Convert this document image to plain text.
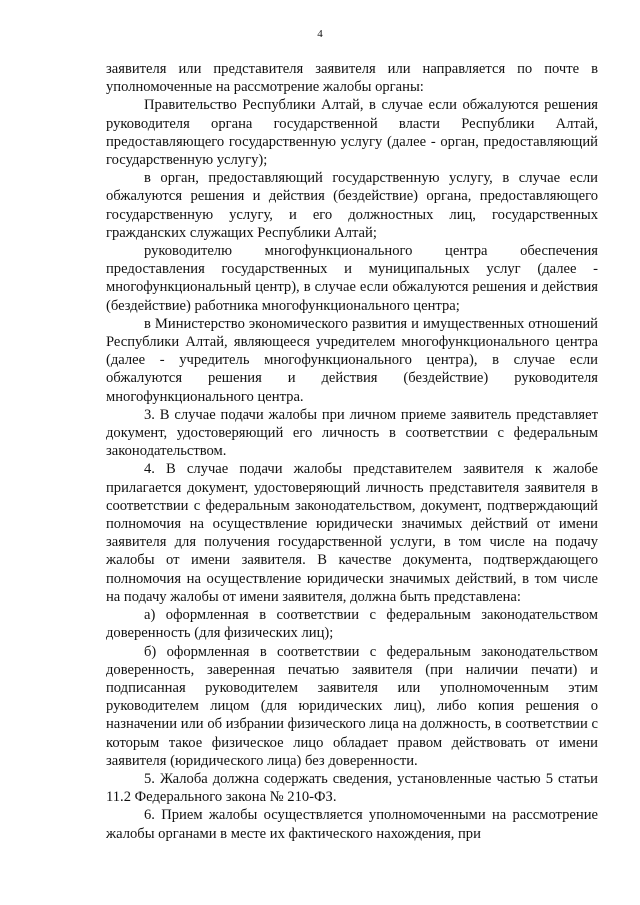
4

заявителя или представителя заявителя или направляется по почте в уполномоченные на рассмотрение жалобы органы:

Правительство Республики Алтай, в случае если обжалуются решения руководителя органа государственной власти Республики Алтай, предоставляющего государственную услугу (далее - орган, предоставляющий государственную услугу);

в орган, предоставляющий государственную услугу, в случае если обжалуются решения и действия (бездействие) органа, предоставляющего государственную услугу, и его должностных лиц, государственных гражданских служащих Республики Алтай;

руководителю многофункционального центра обеспечения предоставления государственных и муниципальных услуг (далее - многофункциональный центр), в случае если обжалуются решения и действия (бездействие) работника многофункционального центра;

в Министерство экономического развития и имущественных отношений Республики Алтай, являющееся учредителем многофункционального центра (далее - учредитель многофункционального центра), в случае если обжалуются решения и действия (бездействие) руководителя многофункционального центра.

3. В случае подачи жалобы при личном приеме заявитель представляет документ, удостоверяющий его личность в соответствии с федеральным законодательством.

4. В случае подачи жалобы представителем заявителя к жалобе прилагается документ, удостоверяющий личность представителя заявителя в соответствии с федеральным законодательством, документ, подтверждающий полномочия на осуществление юридически значимых действий от имени заявителя для получения государственной услуги, в том числе на подачу жалобы от имени заявителя. В качестве документа, подтверждающего полномочия на осуществление юридически значимых действий, в том числе на подачу жалобы от имени заявителя, должна быть представлена:

а) оформленная в соответствии с федеральным законодательством доверенность (для физических лиц);

б) оформленная в соответствии с федеральным законодательством доверенность, заверенная печатью заявителя (при наличии печати) и подписанная руководителем заявителя или уполномоченным этим руководителем лицом (для юридических лиц), либо копия решения о назначении или об избрании физического лица на должность, в соответствии с которым такое физическое лицо обладает правом действовать от имени заявителя (юридического лица) без доверенности.

5. Жалоба должна содержать сведения, установленные частью 5 статьи 11.2 Федерального закона № 210-ФЗ.

6. Прием жалобы осуществляется уполномоченными на рассмотрение жалобы органами в месте их фактического нахождения, при
